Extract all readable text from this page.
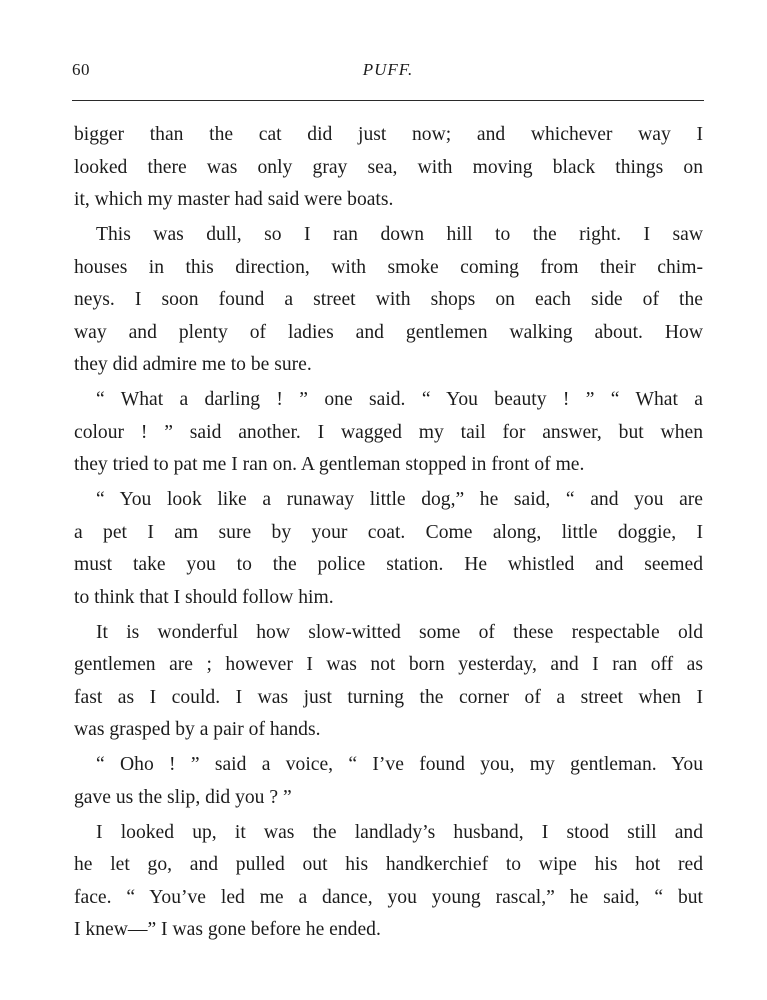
60	PUFF.
bigger than the cat did just now; and whichever way I
looked there was only gray sea, with moving black things on
it, which my master had said were boats.
This was dull, so I ran down hill to the right. I saw
houses in this direction, with smoke coming from their chim-
neys. I soon found a street with shops on each side of the
way and plenty of ladies and gentlemen walking about. How
they did admire me to be sure.
“ What a darling ! ” one said. “ You beauty ! ” “ What a
colour ! ” said another. I wagged my tail for answer, but when
they tried to pat me I ran on. A gentleman stopped in front of me.
“ You look like a runaway little dog,” he said, “ and you are
a pet I am sure by your coat. Come along, little doggie, I
must take you to the police station. He whistled and seemed
to think that I should follow him.
It is wonderful how slow-witted some of these respectable old
gentlemen are ; however I was not born yesterday, and I ran off as
fast as I could. I was just turning the corner of a street when I
was grasped by a pair of hands.
“ Oho ! ” said a voice, “ I’ve found you, my gentleman. You
gave us the slip, did you ? ”
I looked up, it was the landlady’s husband, I stood still and
he let go, and pulled out his handkerchief to wipe his hot red
face. “ You’ve led me a dance, you young rascal,” he said, “ but
I knew—” I was gone before he ended.
